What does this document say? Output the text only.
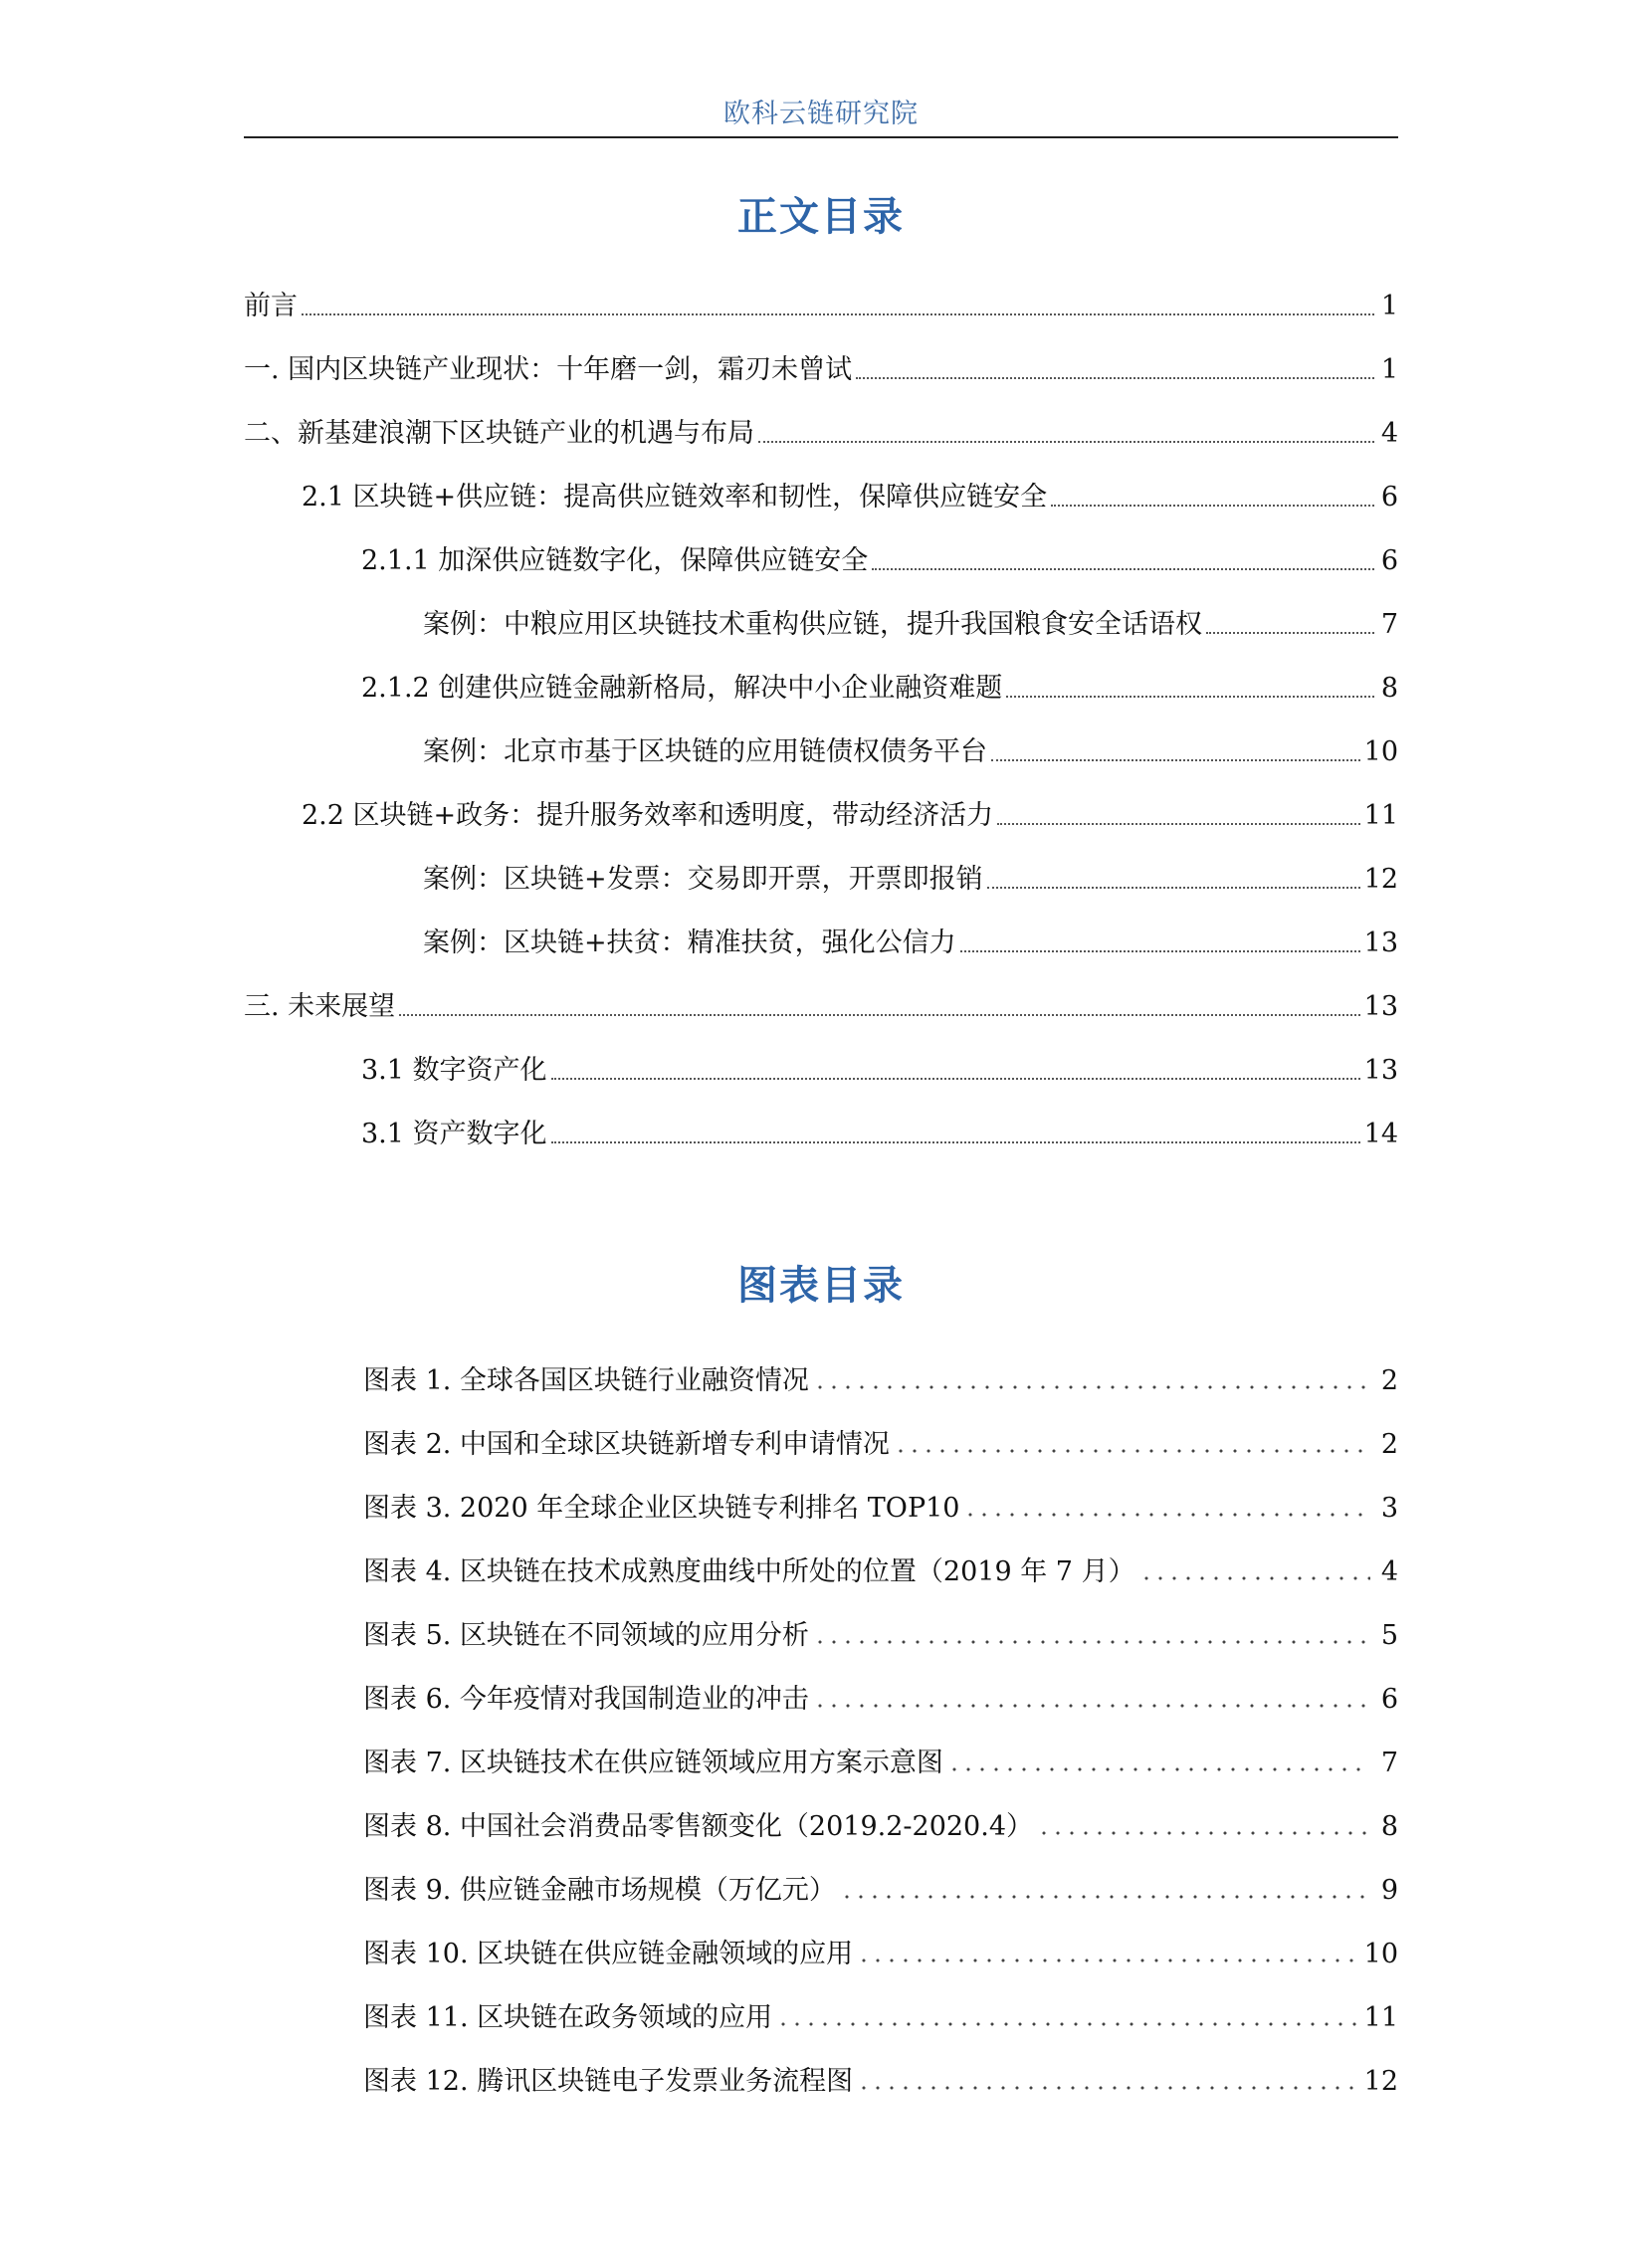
欧科云链研究院
正文目录
前言	1
一. 国内区块链产业现状：十年磨一剑，霜刃未曾试	1
二、新基建浪潮下区块链产业的机遇与布局	4
2.1 区块链+供应链：提高供应链效率和韧性，保障供应链安全	6
2.1.1 加深供应链数字化，保障供应链安全	6
案例：中粮应用区块链技术重构供应链，提升我国粮食安全话语权	7
2.1.2 创建供应链金融新格局，解决中小企业融资难题	8
案例：北京市基于区块链的应用链债权债务平台	10
2.2 区块链+政务：提升服务效率和透明度，带动经济活力	11
案例：区块链+发票：交易即开票，开票即报销	12
案例：区块链+扶贫：精准扶贫，强化公信力	13
三. 未来展望	13
3.1 数字资产化	13
3.1 资产数字化	14
图表目录
图表 1. 全球各国区块链行业融资情况	2
图表 2. 中国和全球区块链新增专利申请情况	2
图表 3. 2020 年全球企业区块链专利排名 TOP10	3
图表 4. 区块链在技术成熟度曲线中所处的位置（2019 年 7 月）	4
图表 5. 区块链在不同领域的应用分析	5
图表 6. 今年疫情对我国制造业的冲击	6
图表 7. 区块链技术在供应链领域应用方案示意图	7
图表 8. 中国社会消费品零售额变化（2019.2-2020.4）	8
图表 9. 供应链金融市场规模（万亿元）	9
图表 10. 区块链在供应链金融领域的应用	10
图表 11. 区块链在政务领域的应用	11
图表 12. 腾讯区块链电子发票业务流程图	12
